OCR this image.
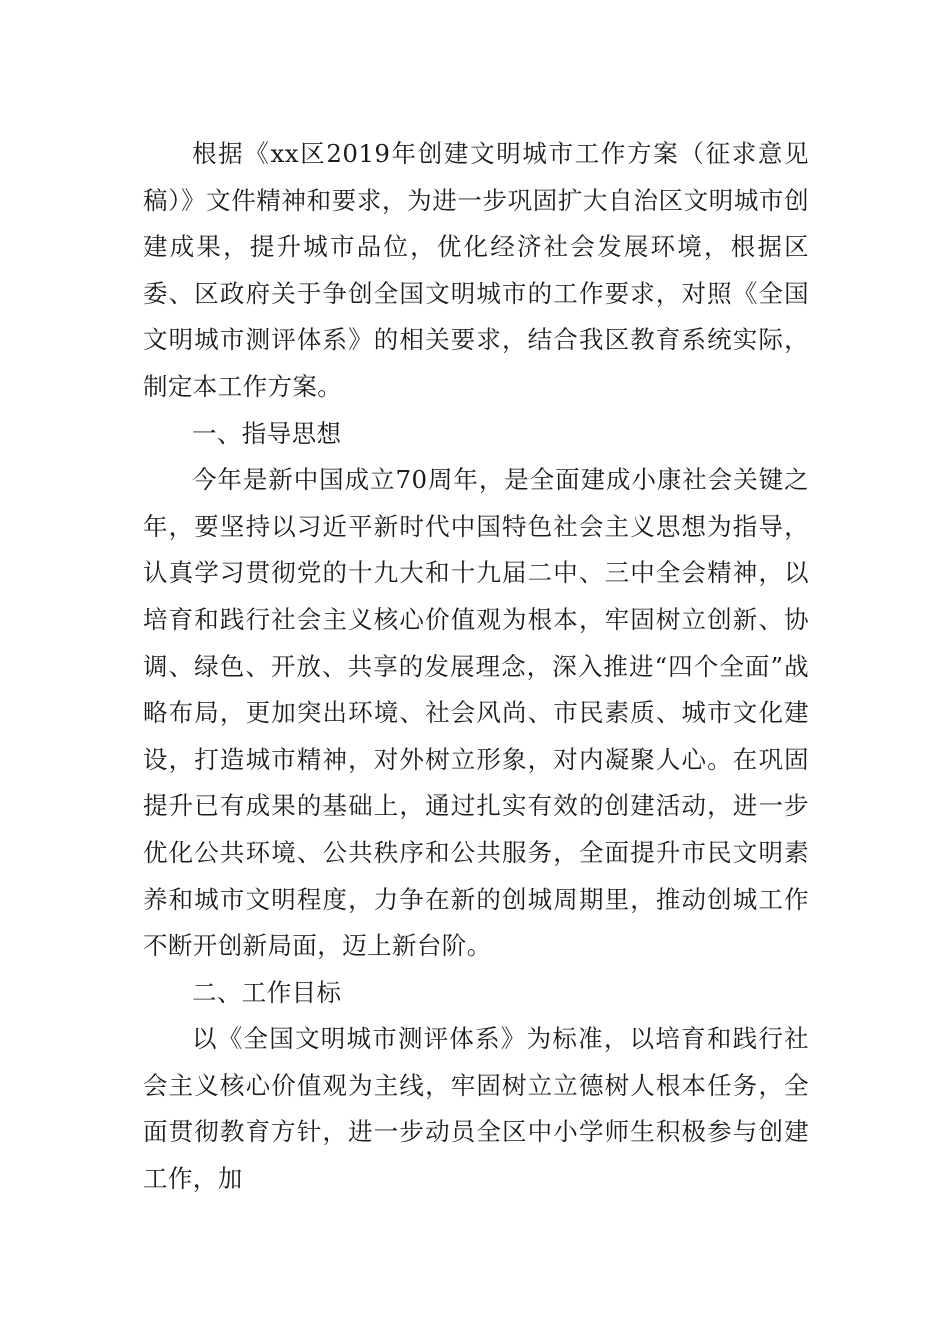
根据《xx区2019年创建文明城市工作方案（征求意见稿）》文件精神和要求，为进一步巩固扩大自治区文明城市创建成果，提升城市品位，优化经济社会发展环境，根据区委、区政府关于争创全国文明城市的工作要求，对照《全国文明城市测评体系》的相关要求，结合我区教育系统实际，制定本工作方案。

一、指导思想

今年是新中国成立70周年，是全面建成小康社会关键之年，要坚持以习近平新时代中国特色社会主义思想为指导，认真学习贯彻党的十九大和十九届二中、三中全会精神，以培育和践行社会主义核心价值观为根本，牢固树立创新、协调、绿色、开放、共享的发展理念，深入推进“四个全面”战略布局，更加突出环境、社会风尚、市民素质、城市文化建设，打造城市精神，对外树立形象，对内凝聚人心。在巩固提升已有成果的基础上，通过扎实有效的创建活动，进一步优化公共环境、公共秩序和公共服务，全面提升市民文明素养和城市文明程度，力争在新的创城周期里，推动创城工作不断开创新局面，迈上新台阶。

二、工作目标

以《全国文明城市测评体系》为标准，以培育和践行社会主义核心价值观为主线，牢固树立立德树人根本任务，全面贯彻教育方针，进一步动员全区中小学师生积极参与创建工作，加
